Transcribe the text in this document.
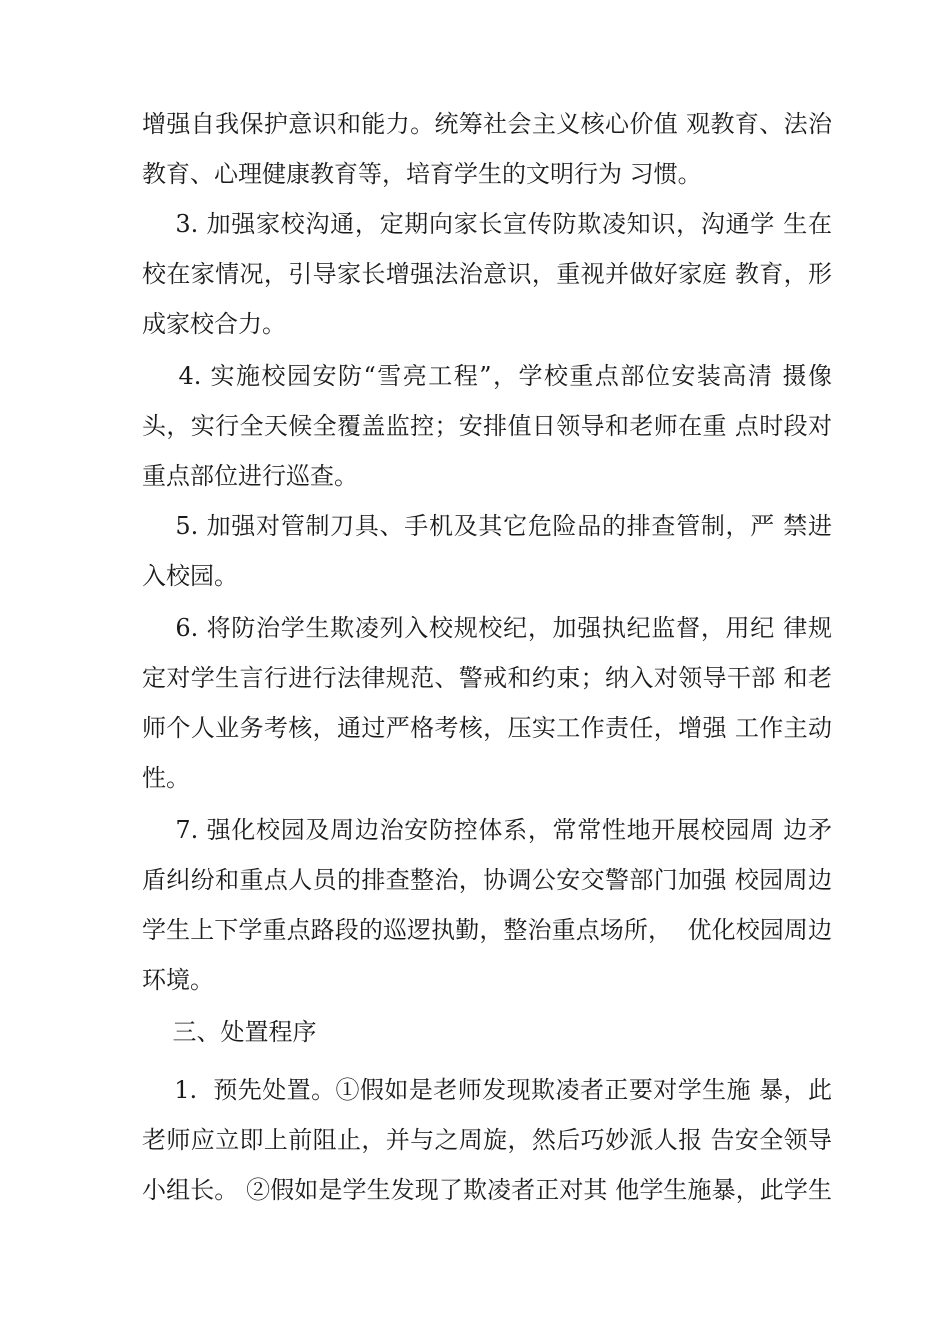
增强自我保护意识和能力。统筹社会主义核心价值 观教育、法治
教育、心理健康教育等，培育学生的文明行为 习惯。
3. 加强家校沟通，定期向家长宣传防欺凌知识，沟通学 生在
校在家情况，引导家长增强法治意识，重视并做好家庭 教育，形
成家校合力。
4. 实施校园安防“雪亮工程”，学校重点部位安装高清 摄像
头，实行全天候全覆盖监控；安排值日领导和老师在重 点时段对
重点部位进行巡查。
5. 加强对管制刀具、手机及其它危险品的排查管制，严 禁进
入校园。
6. 将防治学生欺凌列入校规校纪，加强执纪监督，用纪 律规
定对学生言行进行法律规范、警戒和约束；纳入对领导干部 和老
师个人业务考核，通过严格考核，压实工作责任，增强 工作主动
性。
7. 强化校园及周边治安防控体系，常常性地开展校园周 边矛
盾纠纷和重点人员的排查整治，协调公安交警部门加强 校园周边
学生上下学重点路段的巡逻执勤，整治重点场所，  优化校园周边
环境。
三、处置程序
1.  预先处置。①假如是老师发现欺凌者正要对学生施 暴，此
老师应立即上前阻止，并与之周旋，然后巧妙派人报 告安全领导
小组长。 ②假如是学生发现了欺凌者正对其 他学生施暴，此学生
